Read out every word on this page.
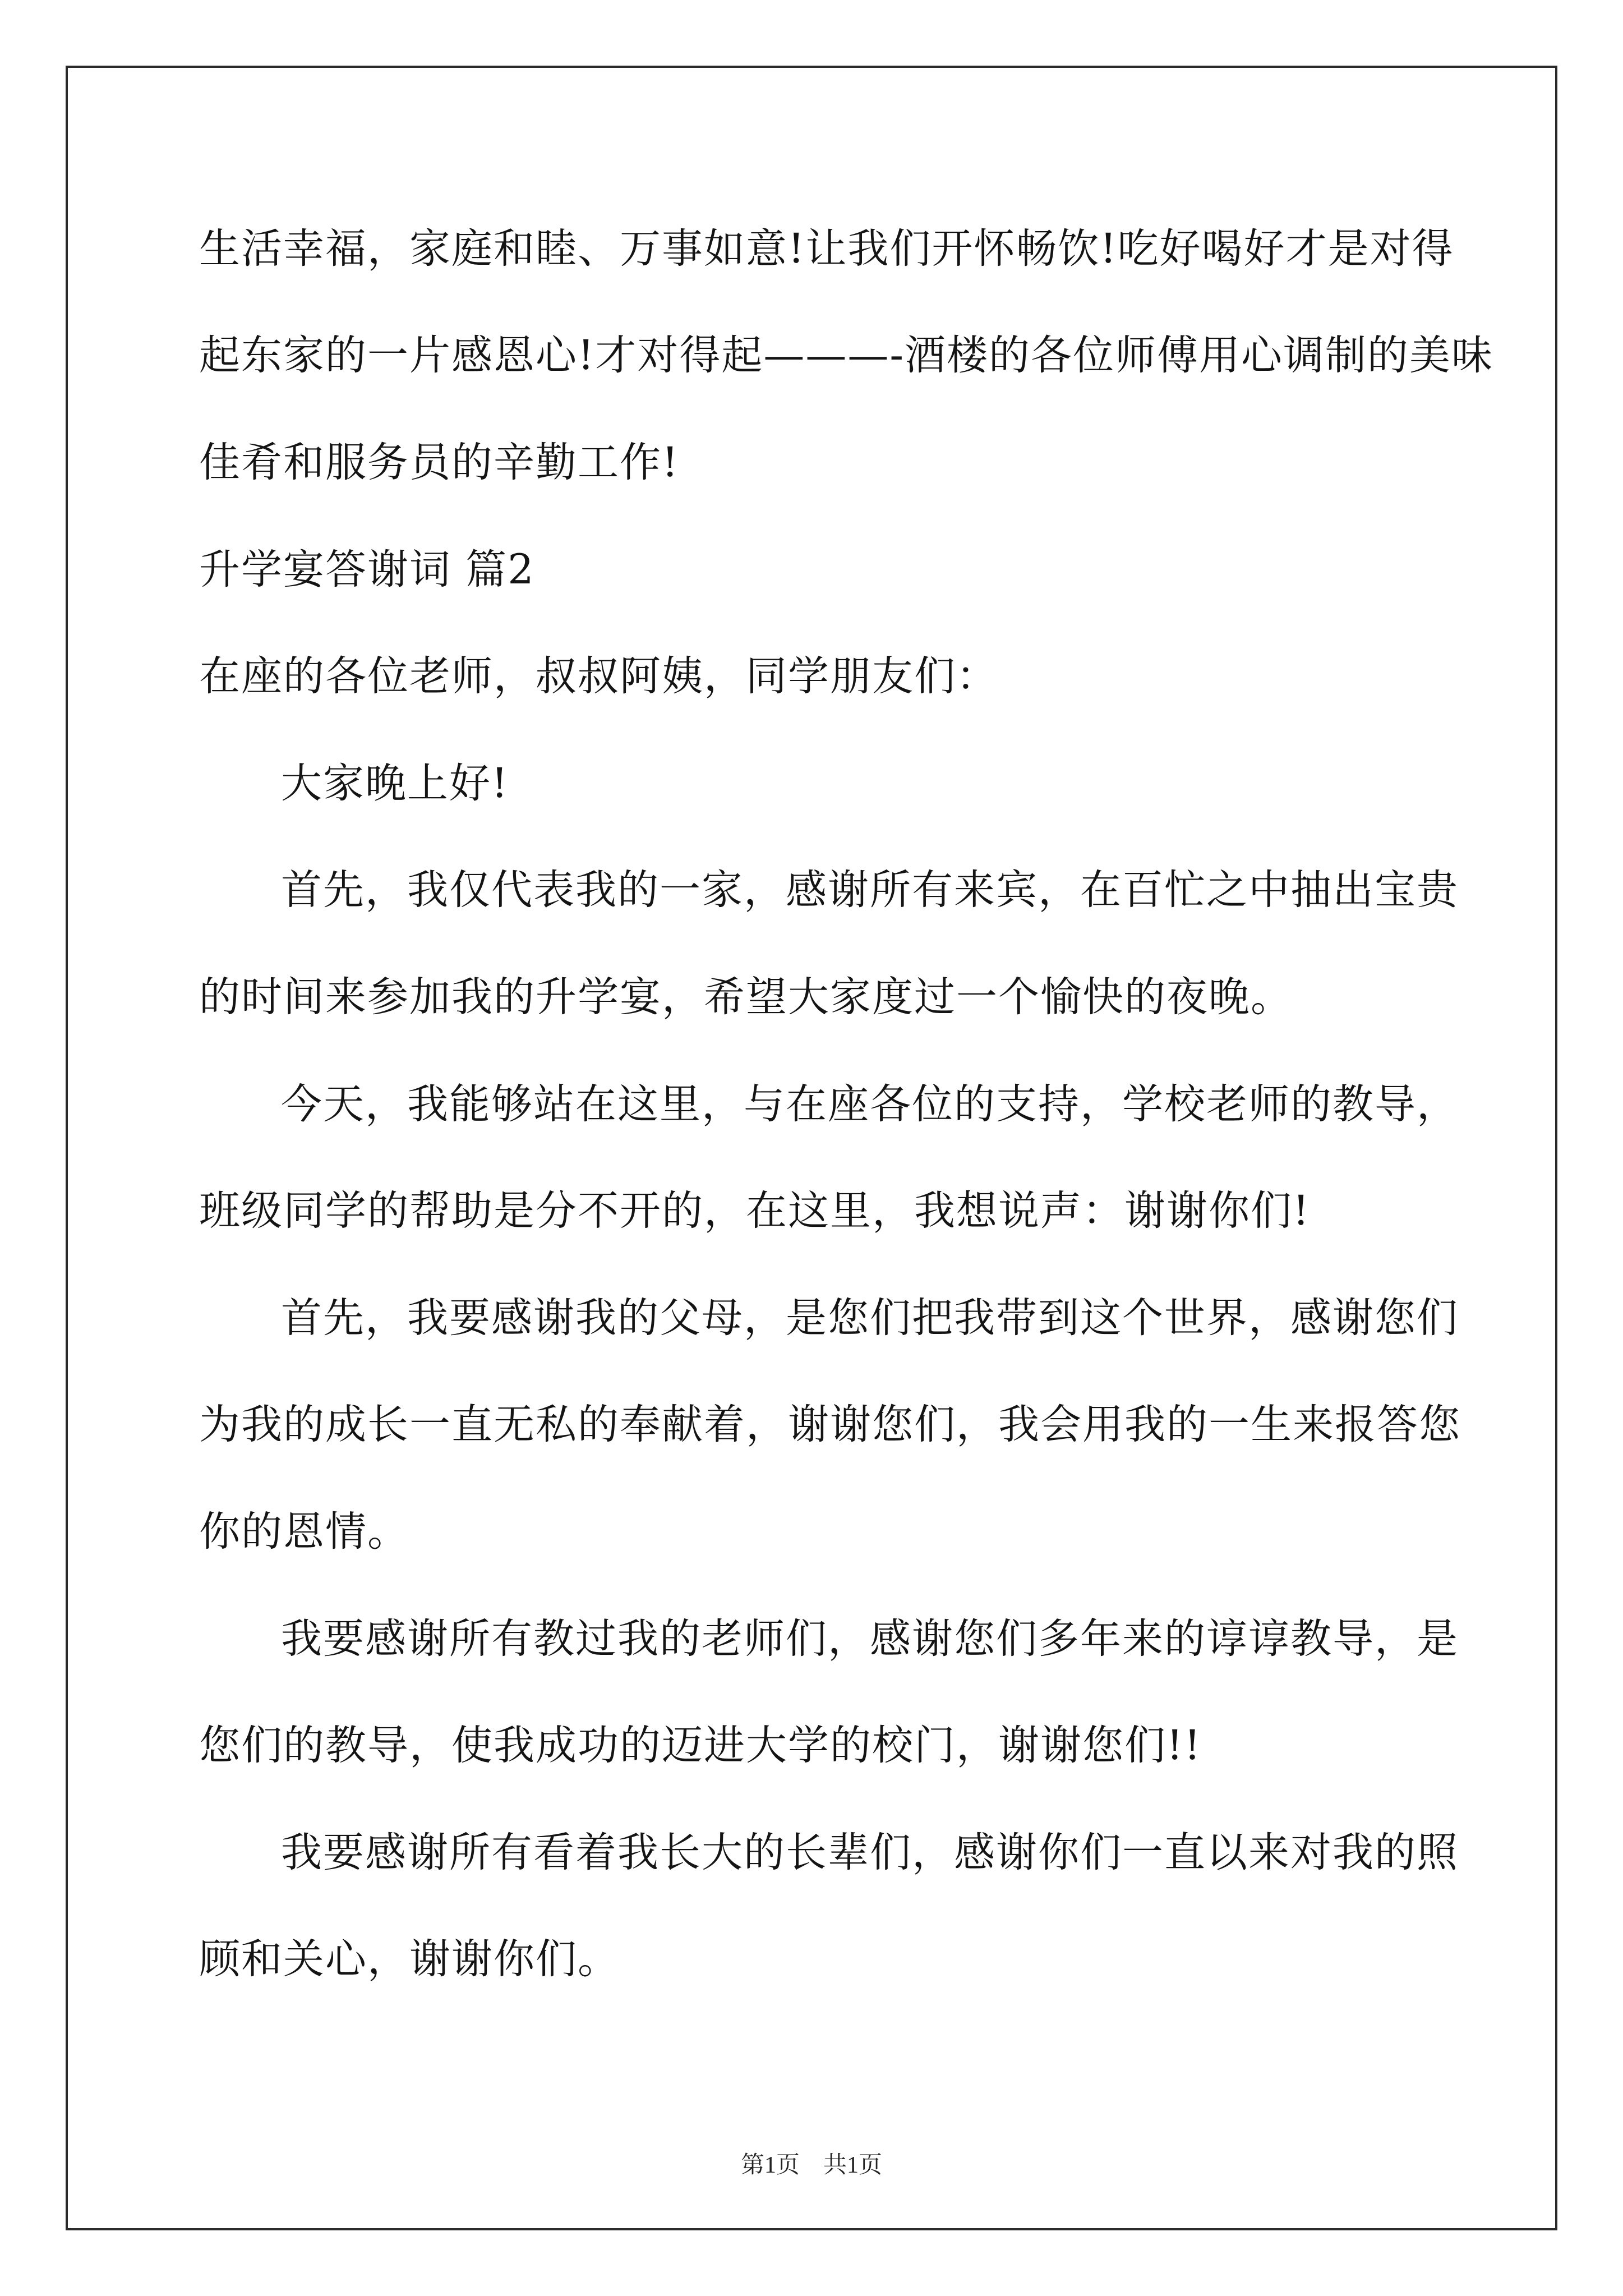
生活幸福，家庭和睦、万事如意!让我们开怀畅饮!吃好喝好才是对得
起东家的一片感恩心!才对得起———-酒楼的各位师傅用心调制的美味
佳肴和服务员的辛勤工作!
升学宴答谢词 篇2
在座的各位老师，叔叔阿姨，同学朋友们：
大家晚上好!
首先，我仅代表我的一家，感谢所有来宾，在百忙之中抽出宝贵
的时间来参加我的升学宴，希望大家度过一个愉快的夜晚。
今天，我能够站在这里，与在座各位的支持，学校老师的教导，
班级同学的帮助是分不开的，在这里，我想说声：谢谢你们!
首先，我要感谢我的父母，是您们把我带到这个世界，感谢您们
为我的成长一直无私的奉献着，谢谢您们，我会用我的一生来报答您
你的恩情。
我要感谢所有教过我的老师们，感谢您们多年来的谆谆教导，是
您们的教导，使我成功的迈进大学的校门，谢谢您们!!
我要感谢所有看着我长大的长辈们，感谢你们一直以来对我的照
顾和关心，谢谢你们。
第1页　共1页
